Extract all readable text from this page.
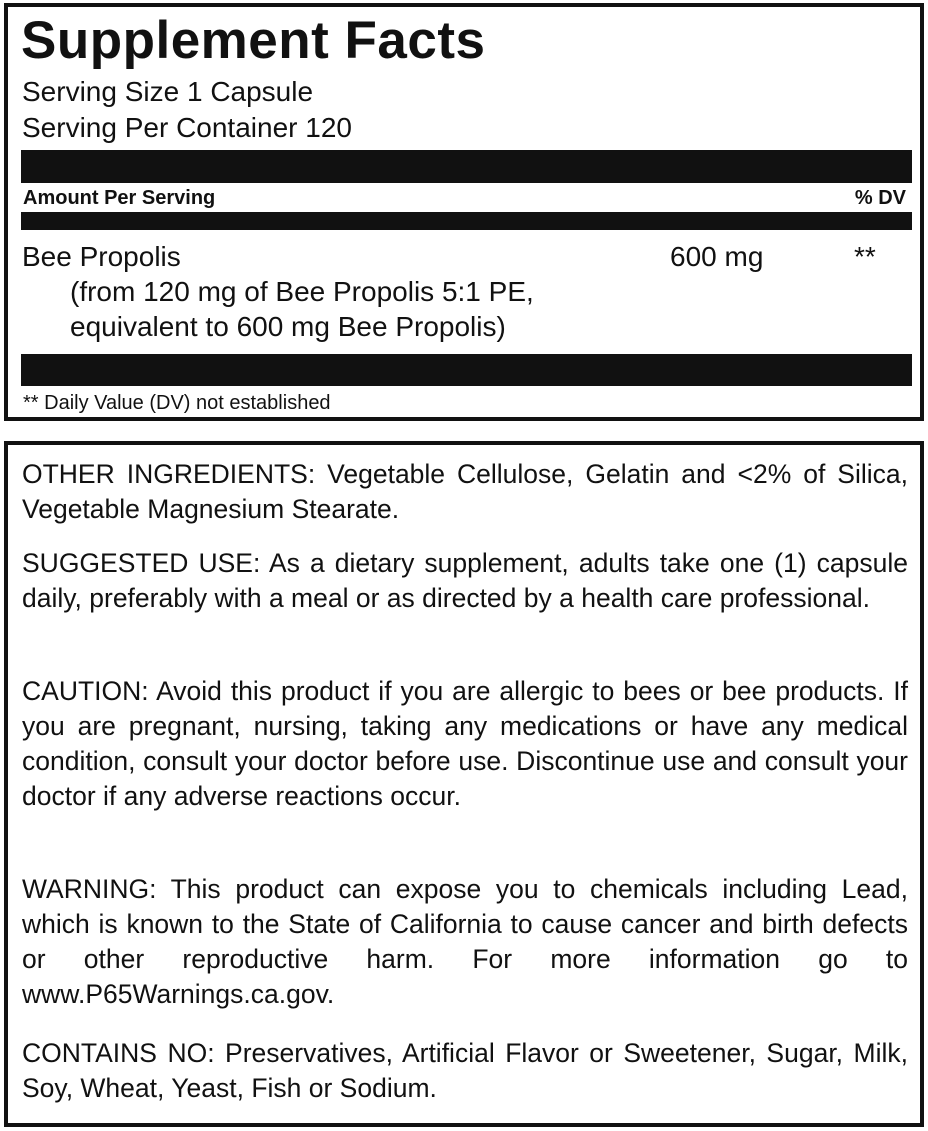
Supplement Facts

Serving Size 1 Capsule

Serving Per Container 120

Amount Per Serving	% DV
Bee Propolis	600 mg	**
(from 120 mg of Bee Propolis 5:1 PE,
equivalent to 600 mg Bee Propolis)
** Daily Value (DV) not established

OTHER INGREDIENTS: Vegetable Cellulose, Gelatin and <2% of Silica, Vegetable Magnesium Stearate.

SUGGESTED USE: As a dietary supplement, adults take one (1) capsule daily, preferably with a meal or as directed by a health care professional.

CAUTION: Avoid this product if you are allergic to bees or bee products. If you are pregnant, nursing, taking any medications or have any medical condition, consult your doctor before use. Discontinue use and consult your doctor if any adverse reactions occur.

WARNING: This product can expose you to chemicals including Lead, which is known to the State of California to cause cancer and birth defects or other reproductive harm. For more information go to www.P65Warnings.ca.gov.

CONTAINS NO: Preservatives, Artificial Flavor or Sweetener, Sugar, Milk, Soy, Wheat, Yeast, Fish or Sodium.
